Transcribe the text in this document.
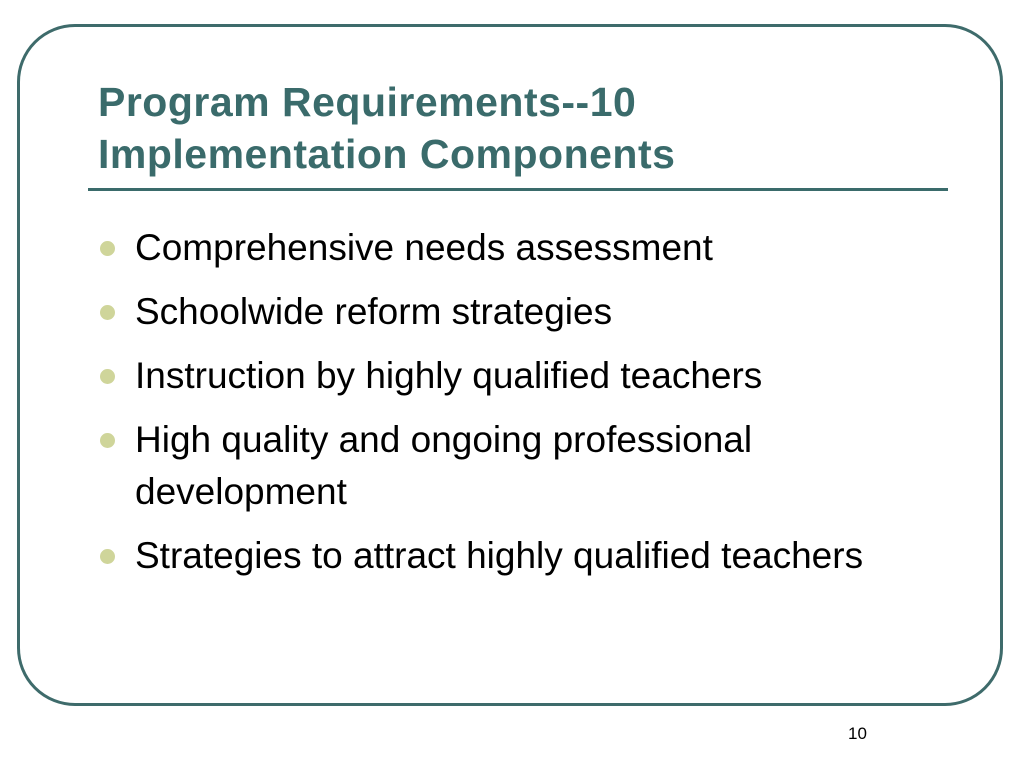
Program Requirements--10
Implementation Components
Comprehensive needs assessment
Schoolwide reform strategies
Instruction by highly qualified teachers
High quality and ongoing professional development
Strategies to attract highly qualified teachers
10
